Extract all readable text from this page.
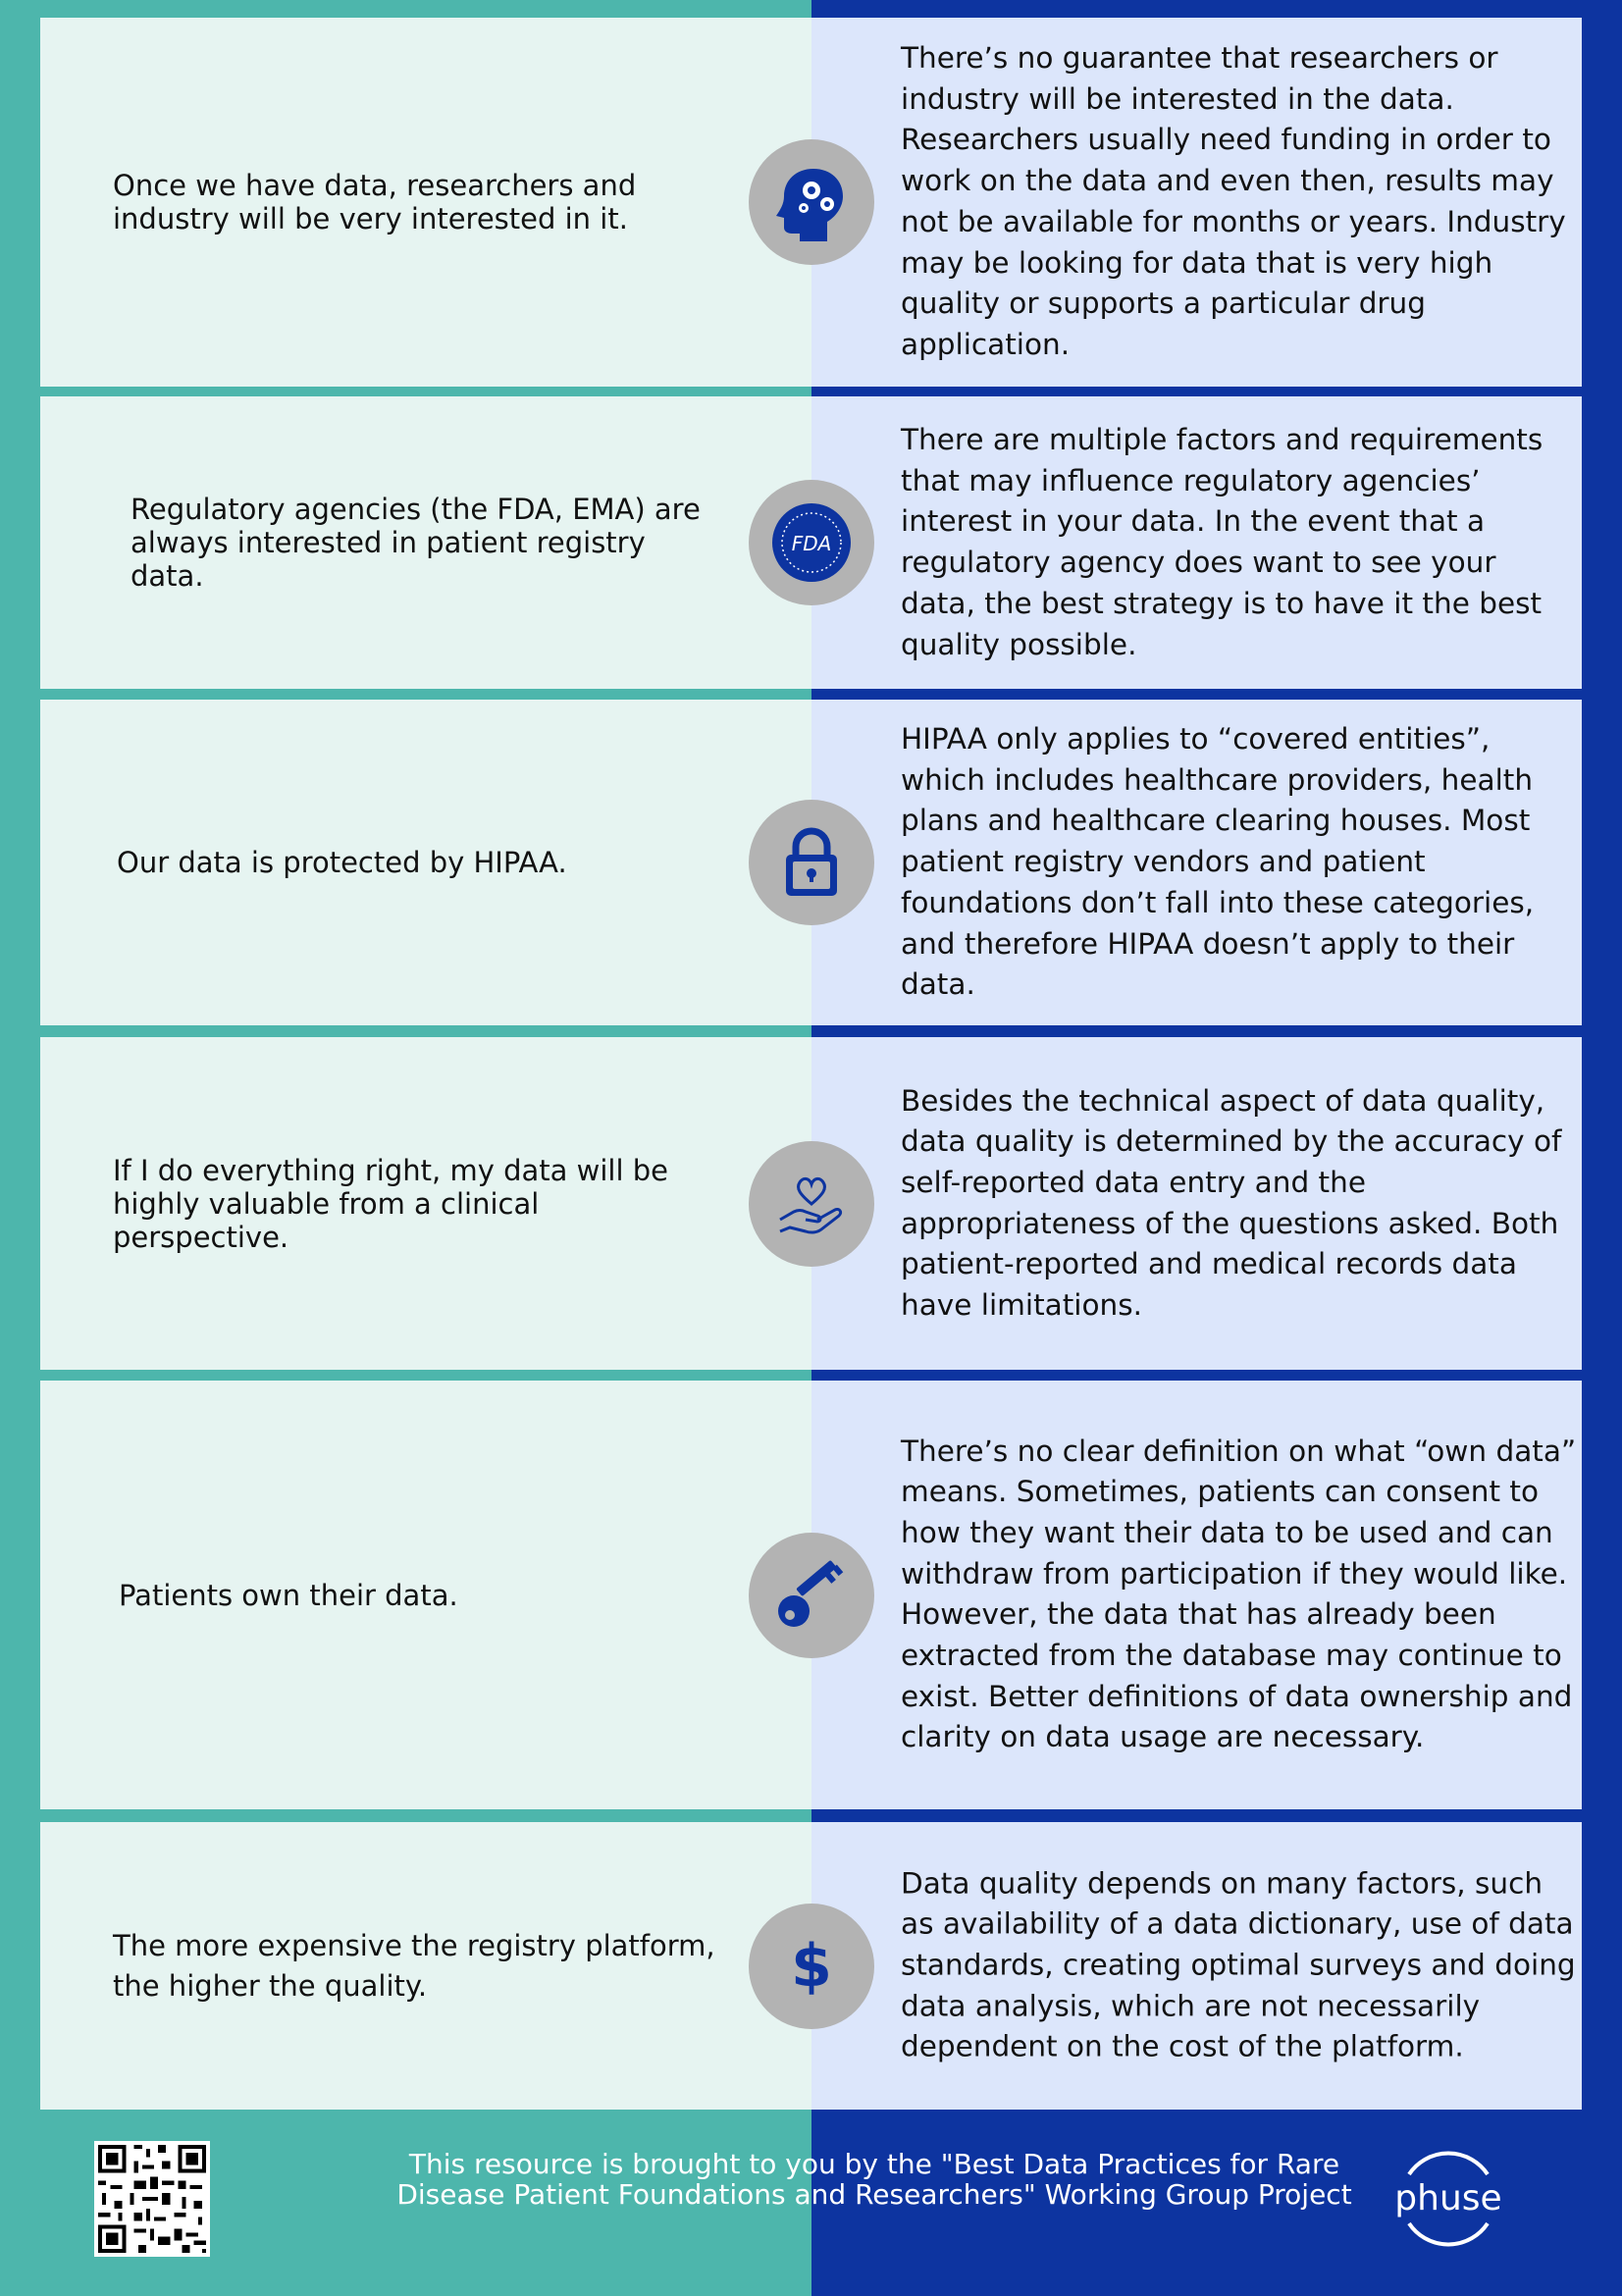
Once we have data, researchers and industry will be very interested in it.
There’s no guarantee that researchers or industry will be interested in the data. Researchers usually need funding in order to work on the data and even then, results may not be available for months or years. Industry may be looking for data that is very high quality or supports a particular drug application.
Regulatory agencies (the FDA, EMA) are always interested in patient registry data.
FDA
There are multiple factors and requirements that may influence regulatory agencies’ interest in your data. In the event that a regulatory agency does want to see your data, the best strategy is to have it the best quality possible.
Our data is protected by HIPAA.
HIPAA only applies to “covered entities”, which includes healthcare providers, health plans and healthcare clearing houses. Most patient registry vendors and patient foundations don’t fall into these categories, and therefore HIPAA doesn’t apply to their data.
If I do everything right, my data will be highly valuable from a clinical perspective.
Besides the technical aspect of data quality, data quality is determined by the accuracy of self-reported data entry and the appropriateness of the questions asked. Both patient-reported and medical records data have limitations.
Patients own their data.
There’s no clear definition on what “own data” means. Sometimes, patients can consent to how they want their data to be used and can withdraw from participation if they would like. However, the data that has already been extracted from the database may continue to exist. Better definitions of data ownership and clarity on data usage are necessary.
The more expensive the registry platform, the higher the quality.	$
Data quality depends on many factors, such as availability of a data dictionary, use of data standards, creating optimal surveys and doing data analysis, which are not necessarily dependent on the cost of the platform.
This resource is brought to you by the "Best Data Practices for Rare Disease Patient Foundations and Researchers" Working Group Project	phuse
